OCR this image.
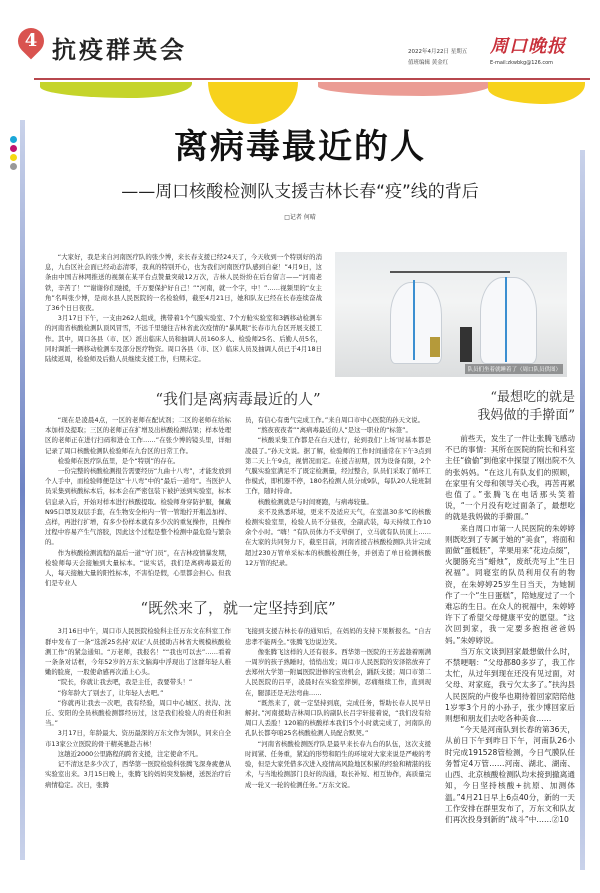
4 抗疫群英会	2022年4月22日 星期五
值班编辑 黄金红
周口晚报
E-mail:zkwbkg@126.com
离病毒最近的人
——周口核酸检测队支援吉林长春“疫”线的背后
□记者 何晴

“大家好，我是来自河南医疗队的张少博，来长春支援已经24天了，今天收到一个特别好的消息，九台区社会面已经动态清零，我真的特别开心，也为我们河南医疗队感到自豪！”4月9日，这条由中国吉林网推送的视频在某平台点赞量突破12万次，吉林人民纷纷在后台留言——“河南老铁，辛苦了！”“谢谢你们驰援，千万要保护好自己！”“河南，就一个字，中！”……视频里的“女主角”名叫张少博，是商水县人民医院的一名检验师，截至4月21日，她和队友已经在长春连续奋战了36个日日夜夜。

3月17日下午，一支由262人组成，携带着1个气膜实验室、7个方舱实验室和3辆移动检测车的河南省核酸检测队顶风冒雪，不远千里驰往吉林省此次疫情的“暴风眼”长春市九台区开展支援工作。其中，周口各县（市、区）派出临床人员和抽调人员160多人、检验师25名、后勤人员5名，同时调派一辆移动检测车及部分医疗物资。周口各县（市、区）临床人员及抽调人员已于4月18日陆续返周，检验师及后勤人员继续支援工作，归期未定。

队员们坐着就睡着了（周口队员供图）
“我们是离病毒最近的人”

“现在是凌晨4点，一区的老师在配试剂；二区的老师在给标本加样及提取；三区的老师正在扩增及出核酸检测结果；样本处理区的老师正在进行扫码和进仓工作……”在张少博的镜头里，详细记录了周口核酸检测队检验师在九台区的日常工作。

检验师在医疗队伍里，是个“特别”的存在。

一份完整的核酸检测报告需要经历“九曲十八弯”，才能发放到个人手中，而检验师便是这“十八弯”中的“最后一道弯”。当医护人员采集到核酸标本后，标本会在严密包装下被护送到实验室，标本信息录入后，开始对样本进行核酸提取。检验师身穿防护服，佩戴N95口罩及双层手套，在生物安全柜内一管一管地拧开瓶盖加样、点样，再进行扩增，有多少份样本就有多少次的重复操作，且操作过程中容易产生气溶胶，因此这个过程是整个检测中最危险与繁杂的。

作为核酸检测流程的最后一道“守门员”，在吉林疫情暴发期，检验师每天会接触到大量标本。“说实话，我们是离病毒最近的人，每天接触大量的阳性标本，不害怕是假，心里都会担心。但我们是专业人

员，有信心有勇气完成工作。”来自周口市中心医院的孙天文说。

“熬夜夜夜者”“离病毒最近的人”是这一职业的“标签”。

“核酸采集工作都是在白天进行，轮到我们‘上场’时基本都是凌晨了。”孙天文说。据了解，检验师的工作时间通常在下午3点到第二天上午9点，视情况而定。在援吉初期，因为设备有限，2个气膜实验室满足不了既定检测量，经过整合，队员们采取了循环工作模式，即机器不停，180名检测人员分成9队，每队20人轮班制工作，随时待命。

核酸检测就是与时间赛跑，与病毒较量。

来不及熟悉环境，更来不及适应天气，在室温30多℃的核酸检测实验室里，检验人员不分昼夜，全副武装，每天持续工作10余个小时。“嗨！”有队员体力不支晕倒了，立马就有队员顶上……在大家的共同努力下，截至目前，河南省援吉核酸检测队共计完成超过230万管单采标本的核酸检测任务，并创造了单日检测核酸12万管的纪录。

“既然来了，就一定坚持到底”

3月16日中午，周口市人民医院检验科主任万东文在科室工作群中发布了一条“选派25名持‘双证’人员援助吉林省大规模核酸检测工作”的紧急通知。“万老师，我报名！”“我也可以去”……看着一条条对话框，今年52岁的万东文脑海中浮现出了这群年轻人稚嫩的脸庞，一股使命感再次涌上心头。

“院长，你就让我去吧，我是主任，我要带头！”

“你年龄大了别去了，让年轻人去吧。”

“你就再让我去一次吧，我有经验，周口中心城区、扶沟、沈丘、安阳的全员核酸检测都经历过，这是我们检验人的责任和担当。”

3月17日，年龄最大、资历最深的万东文作为领队，同来自全市13家公立医院的骨干精英驰赴吉林！

这趟近2000公里路程的跨省支援，注定使命不凡。

记不清这是多少次了，西华第一医院检验科张腾飞深身疲惫从实验室出来。3月15日晚上，张腾飞的妈妈突发脑梗，送医治疗后病情稳定。次日，张腾

飞接到支援吉林长春的通知后，在妈妈的支持下果断报名。“自古忠孝不能两全。”张腾飞边说边笑。

像张腾飞这样的人还有很多。西华第一医院的王芳蕊趁着刚满一周岁的孩子熟睡时，悄悄出发；周口市人民医院的安泽铭放弃了去郑州大学第一附属医院进修的宝贵机会，踊跃支援；周口市第二人民医院的吕平，凌晨时在实验室摔倒，忍痛继续工作，直到现在，腿部还是无法弯曲……

“既然来了，就一定坚持到底，完成任务，帮助长春人民早日解封。”河南援助吉林周口队的副队长吕宇轩接着说，“我们没有给周口人丢脸！120箱的核酸样本我们5个小时就完成了，河南队的孔队长都夸咱25名核酸检测人员配合默契。”

“河南省核酸检测医疗队是最早来长春九台的队伍，这次支援时间紧、任务重，紧迫的形势和陌生的环境对大家来说是严峻的考验，但是大家凭借多次进入疫情高风险地区积累的经验和精湛的技术，与当地检测部门良好的沟通，取长补短、相互协作，高质量完成一轮又一轮的检测任务。”万东文说。

“最想吃的就是
我妈做的手擀面”

前些天，发生了一件让张腾飞感动不已的事情：其所在医院的院长和科室主任“偷偷”到他家中探望了刚出院不久的张妈妈。“在这儿有队友们的照顾，在家里有父母和领导关心我，再苦再累也值了。”张腾飞在电话那头笑着说，“一个月没有吃过面条了，最想吃的就是我妈做的手擀面。”

来自周口市第一人民医院的朱婷婷则既吃到了专属于她的“美食”，将面和面做“蛋糕胚”，苹果用来“花边点缀”，火腿肠充当“蜡烛”，废纸壳写上“生日祝福”。同寝室的队员利用仅有的物资，在朱婷婷25岁生日当天，为她制作了一个“生日蛋糕”，陪她度过了一个难忘的生日。在众人的祝福中，朱婷婷许下了希望父母健康平安的愿望。“这次回到家，我一定要多抱抱爸爸妈妈。”朱婷婷说。

当万东文谈到回家最想做什么时，不禁哽咽：“父母都80多岁了，我工作太忙，从过年到现在还没有见过面，对父母、对家庭，我亏欠太多了。”扶沟县人民医院的卢俊华也期待着回家陪陪他1岁零3个月的小孙子，张少博回家后则想和朋友们去吃各种美食……

“今天是河南队到长春的第36天，从前日下午到昨日下午，河南队26小时完成191528管检测，今日气膜队任务暂定4万管……河南、湖北、湖南、山西、北京核酸检测队均未接到撤离通知，今日坚持核酸+抗原、加测体温。”4月21日早上6点40分，新的一天工作安排在群里发布了，万东文和队友们再次投身到新的“战斗”中……Ⓩ10
